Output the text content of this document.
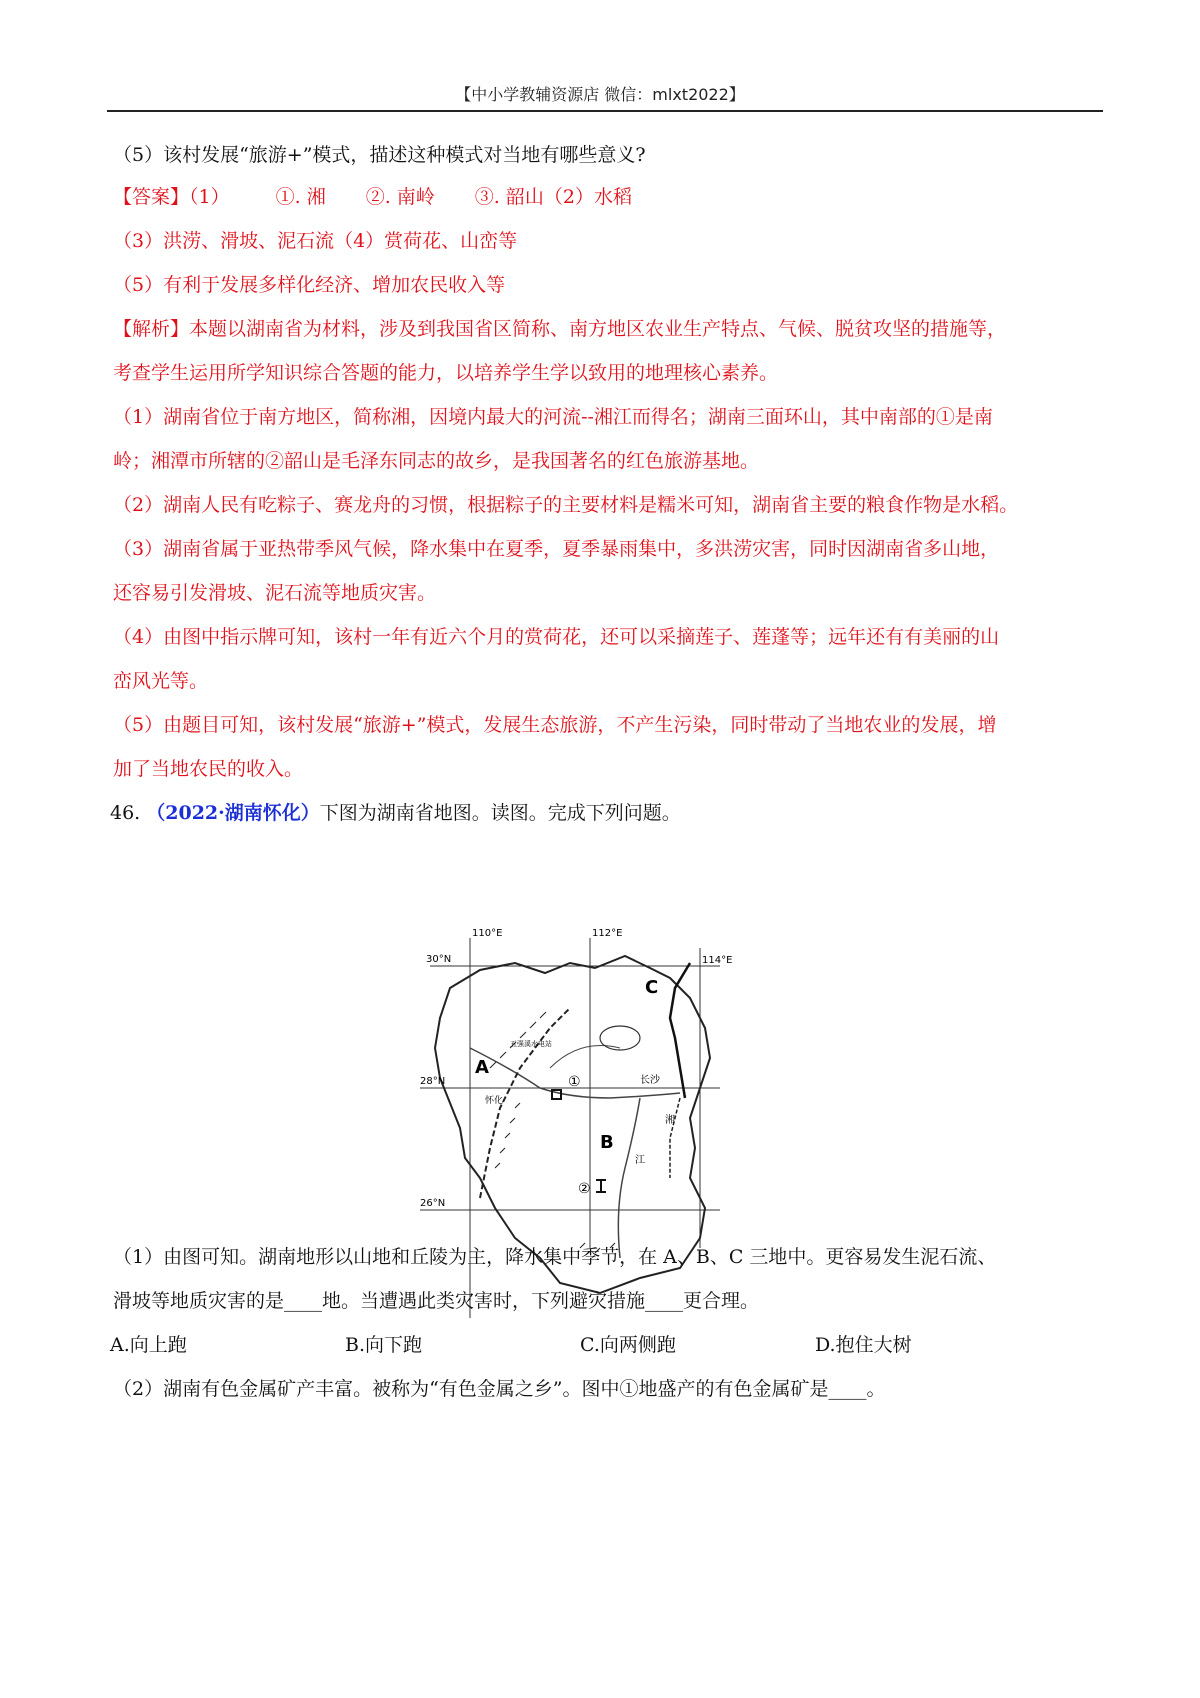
【中小学教辅资源店 微信：mlxt2022】
（5）该村发展“旅游+”模式，描述这种模式对当地有哪些意义?
【答案】（1） ①. 湘 ②. 南岭 ③. 韶山（2）水稻
（3）洪涝、滑坡、泥石流（4）赏荷花、山峦等
（5）有利于发展多样化经济、增加农民收入等
【解析】本题以湖南省为材料，涉及到我国省区简称、南方地区农业生产特点、气候、脱贫攻坚的措施等，
考查学生运用所学知识综合答题的能力，以培养学生学以致用的地理核心素养。
（1）湖南省位于南方地区，简称湘，因境内最大的河流--湘江而得名；湖南三面环山，其中南部的①是南
岭；湘潭市所辖的②韶山是毛泽东同志的故乡，是我国著名的红色旅游基地。
（2）湖南人民有吃粽子、赛龙舟的习惯，根据粽子的主要材料是糯米可知，湖南省主要的粮食作物是水稻。
（3）湖南省属于亚热带季风气候，降水集中在夏季，夏季暴雨集中，多洪涝灾害，同时因湖南省多山地，
还容易引发滑坡、泥石流等地质灾害。
（4）由图中指示牌可知，该村一年有近六个月的赏荷花，还可以采摘莲子、莲蓬等；远年还有有美丽的山
峦风光等。
（5）由题目可知，该村发展“旅游+”模式，发展生态旅游，不产生污染，同时带动了当地农业的发展，增
加了当地农民的收入。
46. （2022·湖南怀化）下图为湖南省地图。读图。完成下列问题。
110°E	112°E
114°E
30°N
28°N
26°N
A
B
C
长沙
怀化
五强溪水电站
江
湘
①
②
（1）由图可知。湖南地形以山地和丘陵为主，降水集中季节，在 A、B、C 三地中。更容易发生泥石流、
滑坡等地质灾害的是____地。当遭遇此类灾害时，下列避灾措施____更合理。
A.向上跑	B.向下跑	C.向两侧跑	D.抱住大树
（2）湖南有色金属矿产丰富。被称为“有色金属之乡”。图中①地盛产的有色金属矿是____。
